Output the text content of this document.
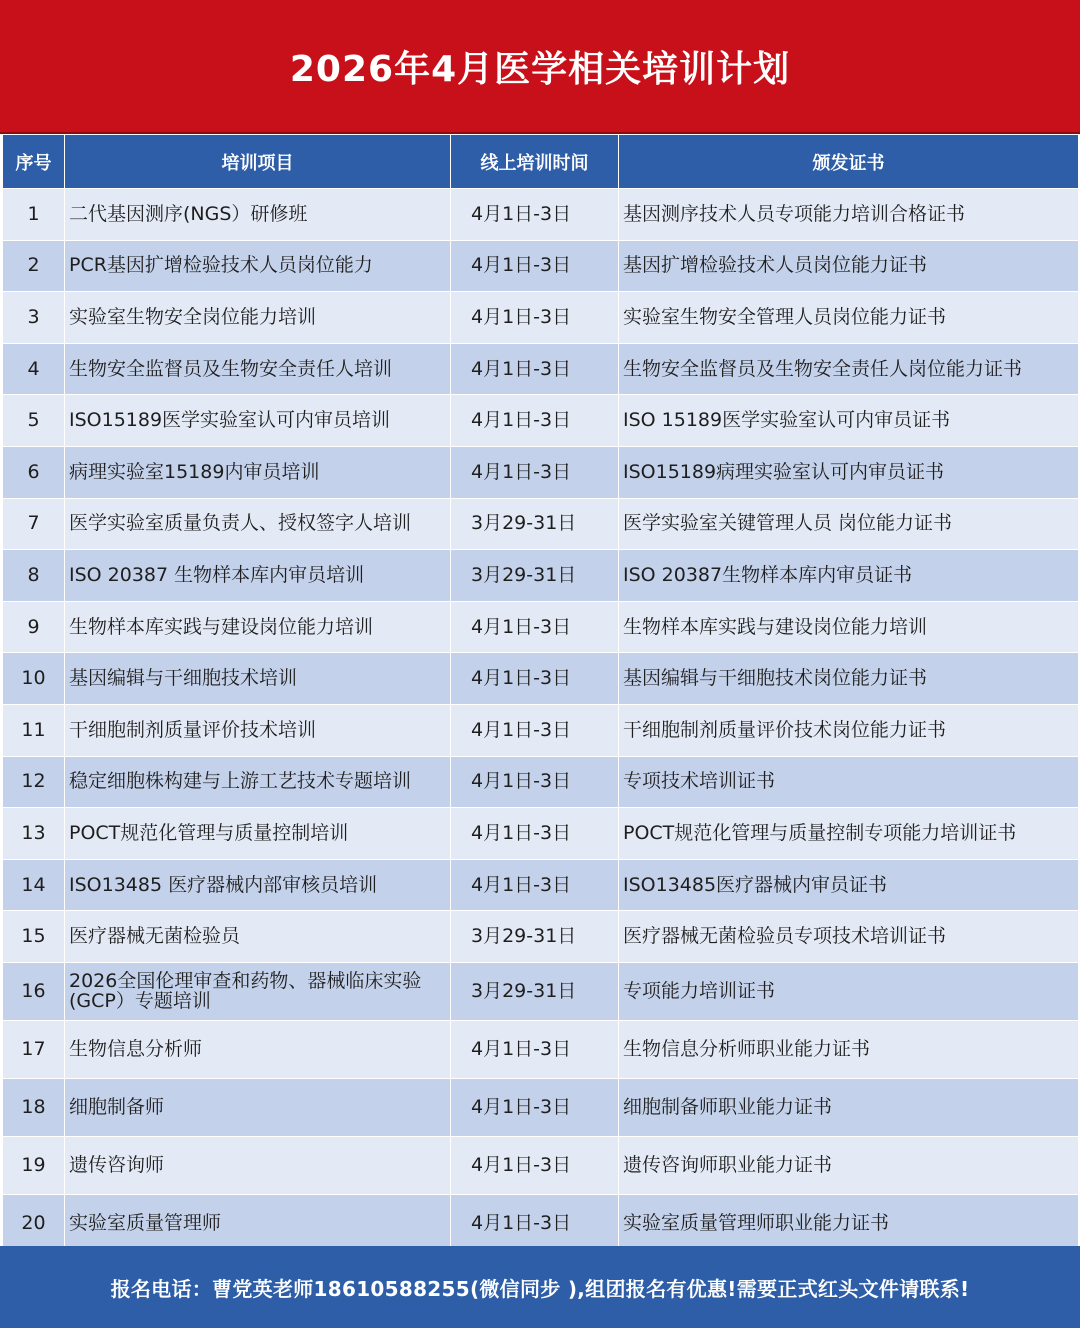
2026年4月医学相关培训计划
序号	培训项目	线上培训时间	颁发证书
1	二代基因测序(NGS）研修班	4月1日-3日	基因测序技术人员专项能力培训合格证书
2	PCR基因扩增检验技术人员岗位能力	4月1日-3日	基因扩增检验技术人员岗位能力证书
3	实验室生物安全岗位能力培训	4月1日-3日	实验室生物安全管理人员岗位能力证书
4	生物安全监督员及生物安全责任人培训	4月1日-3日	生物安全监督员及生物安全责任人岗位能力证书
5	ISO15189医学实验室认可内审员培训	4月1日-3日	ISO 15189医学实验室认可内审员证书
6	病理实验室15189内审员培训	4月1日-3日	ISO15189病理实验室认可内审员证书
7	医学实验室质量负责人、授权签字人培训	3月29-31日	医学实验室关键管理人员 岗位能力证书
8	ISO 20387 生物样本库内审员培训	3月29-31日	ISO 20387生物样本库内审员证书
9	生物样本库实践与建设岗位能力培训	4月1日-3日	生物样本库实践与建设岗位能力培训
10	基因编辑与干细胞技术培训	4月1日-3日	基因编辑与干细胞技术岗位能力证书
11	干细胞制剂质量评价技术培训	4月1日-3日	干细胞制剂质量评价技术岗位能力证书
12	稳定细胞株构建与上游工艺技术专题培训	4月1日-3日	专项技术培训证书
13	POCT规范化管理与质量控制培训	4月1日-3日	POCT规范化管理与质量控制专项能力培训证书
14	ISO13485 医疗器械内部审核员培训	4月1日-3日	ISO13485医疗器械内审员证书
15	医疗器械无菌检验员	3月29-31日	医疗器械无菌检验员专项技术培训证书
16	2026全国伦理审查和药物、器械临床实验(GCP）专题培训	3月29-31日	专项能力培训证书
17	生物信息分析师	4月1日-3日	生物信息分析师职业能力证书
18	细胞制备师	4月1日-3日	细胞制备师职业能力证书
19	遗传咨询师	4月1日-3日	遗传咨询师职业能力证书
20	实验室质量管理师	4月1日-3日	实验室质量管理师职业能力证书

报名电话：曹党英老师18610588255(微信同步 ),组团报名有优惠!需要正式红头文件请联系!
